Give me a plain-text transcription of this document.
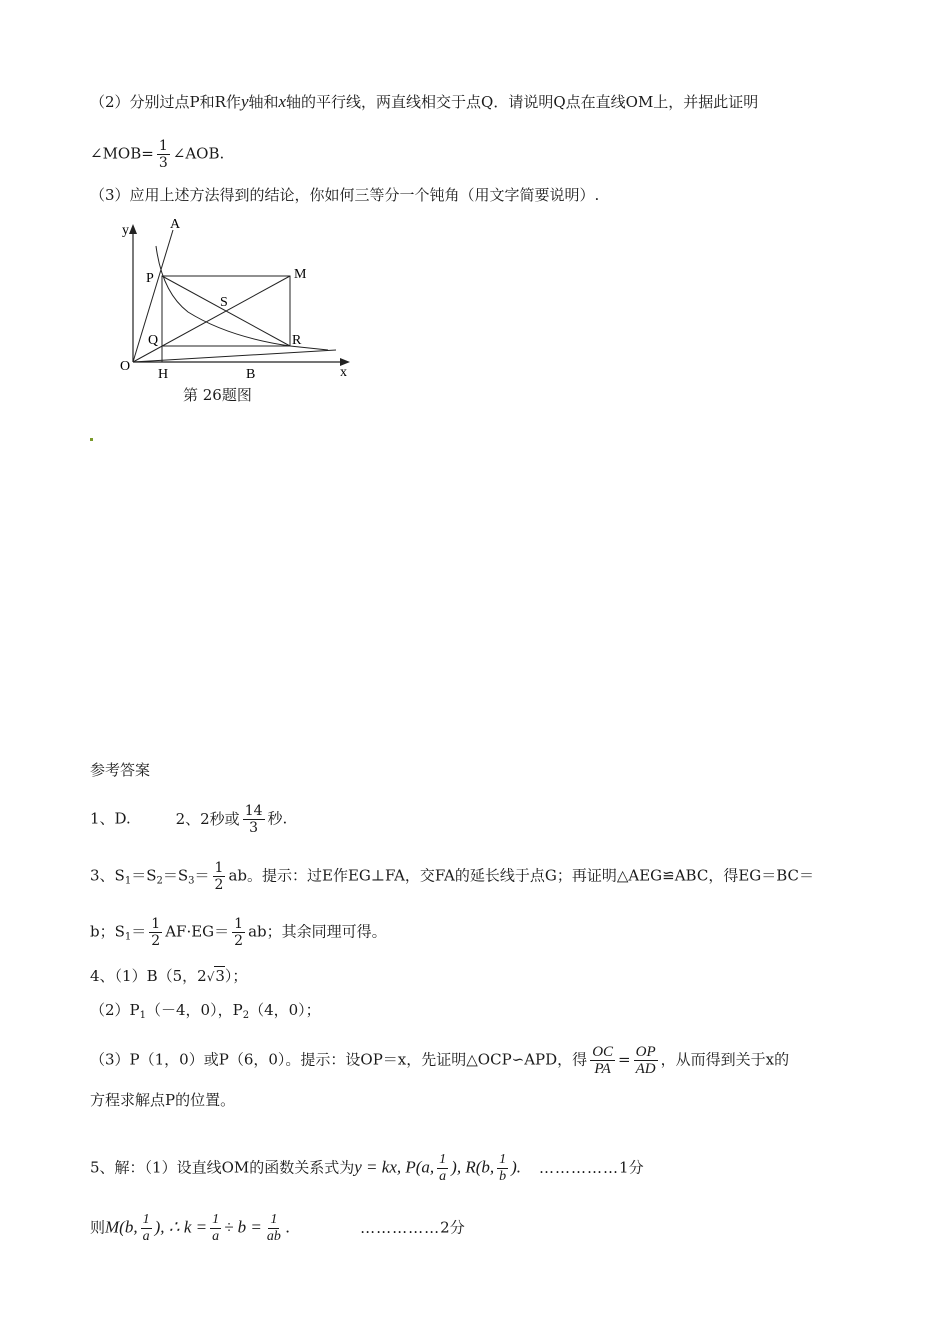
（2）分别过点P和R作y轴和x轴的平行线，两直线相交于点Q．请说明Q点在直线OM上，并据此证明
∠MOB= $\frac{1}{3}$ ∠AOB.
（3）应用上述方法得到的结论，你如何三等分一个钝角（用文字简要说明）.
y	A
P	M
S
Q	R
O
H	B	x
第 26题图
参考答案
1、D.	2、2秒或 $\frac{14}{3}$ 秒.
3、$S_1=S_2=S_3= \frac{1}{2}$ ab。提示：过E作EG⊥FA，交FA的延长线于点G；再证明△AEG≌ABC，得EG＝BC＝
b；$S_1= \frac{1}{2} AF\cdot EG= \frac{1}{2}$ ab；其余同理可得。
4、（1）B（5，2√3）；
$(2)P_1(-4$，0），$P_2(4$，0）；
（3）P（1，0）或P（6，0）。提示：设OP＝x，先证明△OCP∽APD，得 $\frac{OC}{PA} = \frac{OP}{AD}$ ，从而得到关于x的
方程求解点P的位置。
5、解：（1）设直线OM的函数关系式为y = kx, P(a, $\frac{1}{a}$ ), R(b, $\frac{1}{b}$ ). ……………1分
则M(b, $\frac{1}{a}$ ), ∴ $k = \frac{1}{a} \div b = \frac{1}{ab}$ .	……………2分
